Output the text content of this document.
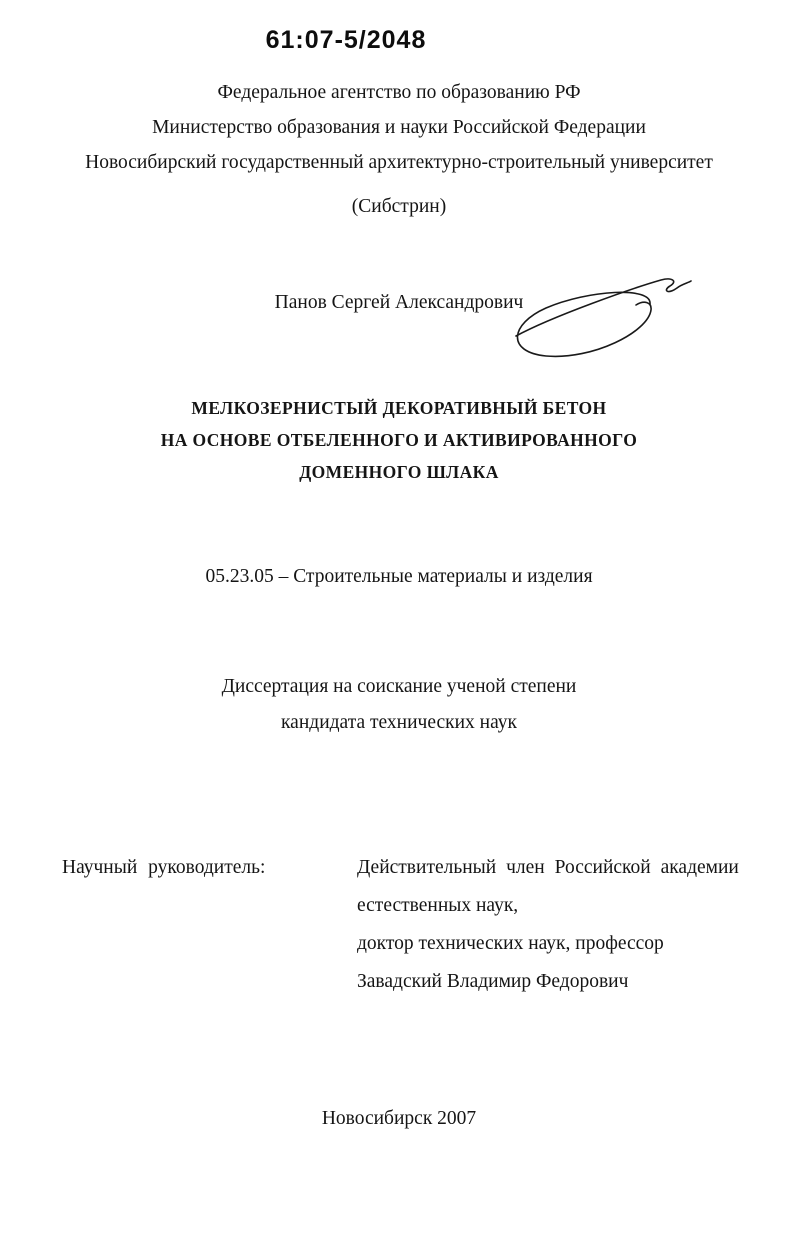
61:07-5/2048
Федеральное агентство по образованию РФ
Министерство образования и науки Российской Федерации
Новосибирский государственный архитектурно-строительный университет
(Сибстрин)
Панов Сергей Александрович
МЕЛКОЗЕРНИСТЫЙ ДЕКОРАТИВНЫЙ БЕТОН
НА ОСНОВЕ ОТБЕЛЕННОГО И АКТИВИРОВАННОГО
ДОМЕННОГО ШЛАКА
05.23.05 – Строительные материалы и изделия
Диссертация на соискание ученой степени
кандидата технических наук
Научный руководитель:	Действительный член Российской академии
естественных наук,
доктор технических наук, профессор
Завадский Владимир Федорович
Новосибирск 2007
